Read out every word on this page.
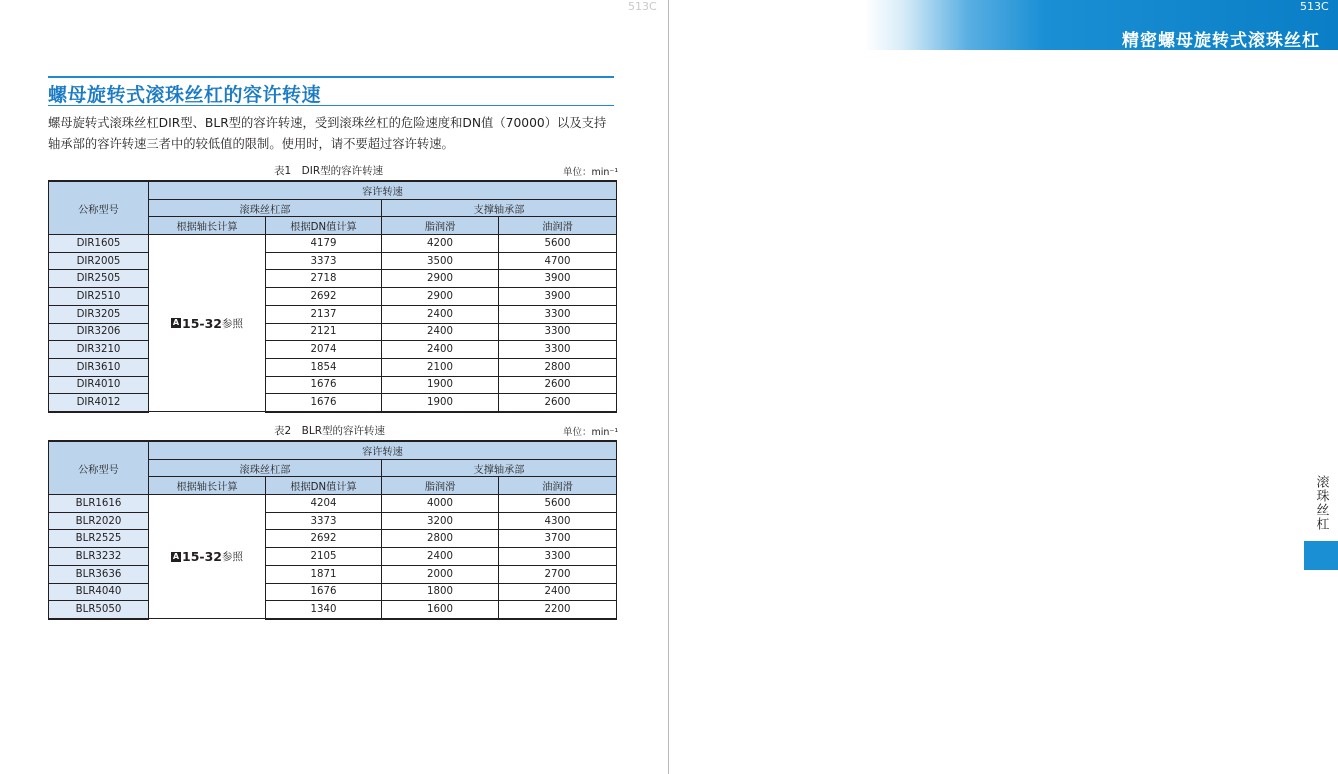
513C
精密螺母旋转式滚珠丝杠
513C
滚珠丝杠
螺母旋转式滚珠丝杠的容许转速
螺母旋转式滚珠丝杠DIR型、BLR型的容许转速，受到滚珠丝杠的危险速度和DN值（70000）以及支持轴承部的容许转速三者中的较低值的限制。使用时，请不要超过容许转速。
表1　DIR型的容许转速	单位：min⁻¹
公称型号	容许转速			
	滚珠丝杠部		支撑轴承部	
	根据轴长计算	根据DN值计算	脂润滑	油润滑
DIR1605	A 15-32参照	4179	4200	5600
DIR2005		3373	3500	4700
DIR2505		2718	2900	3900
DIR2510		2692	2900	3900
DIR3205		2137	2400	3300
DIR3206		2121	2400	3300
DIR3210		2074	2400	3300
DIR3610		1854	2100	2800
DIR4010		1676	1900	2600
DIR4012		1676	1900	2600
表2　BLR型的容许转速	单位：min⁻¹
公称型号	容许转速			
	滚珠丝杠部		支撑轴承部	
	根据轴长计算	根据DN值计算	脂润滑	油润滑
BLR1616	A 15-32参照	4204	4000	5600
BLR2020		3373	3200	4300
BLR2525		2692	2800	3700
BLR3232		2105	2400	3300
BLR3636		1871	2000	2700
BLR4040		1676	1800	2400
BLR5050		1340	1600	2200
